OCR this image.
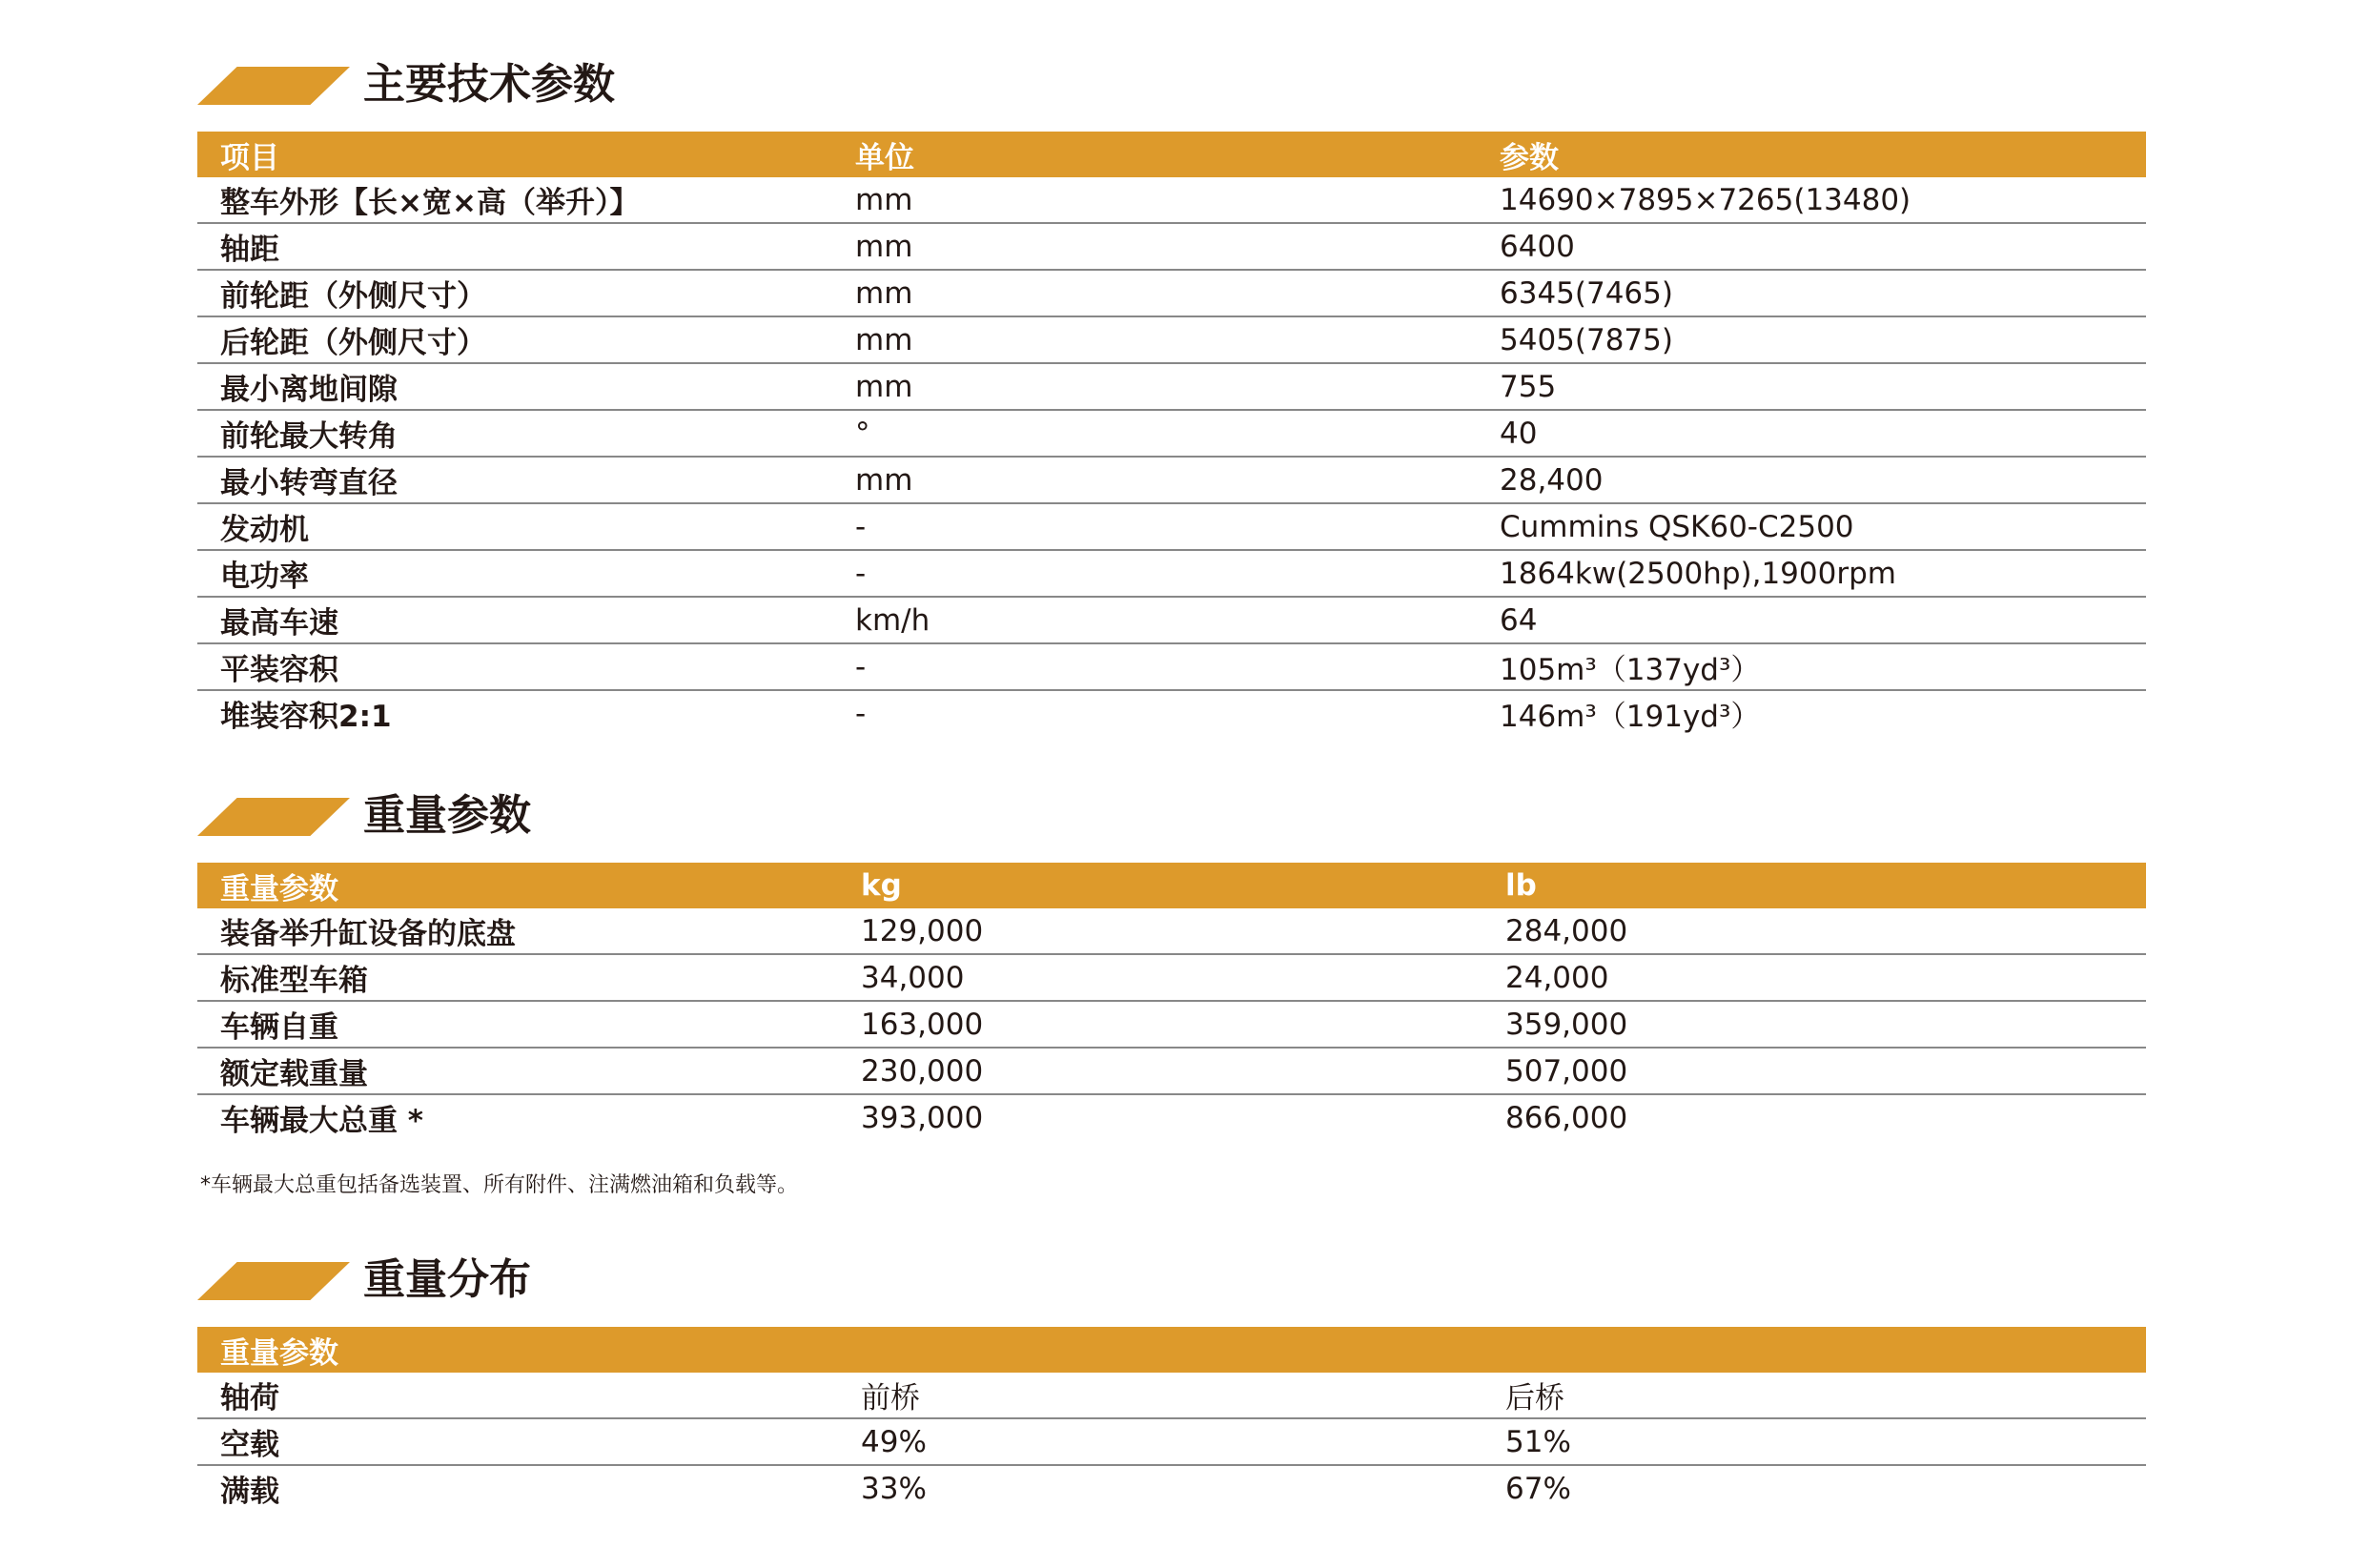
主要技术参数
项目	单位	参数
整车外形【长×宽×高（举升）】	mm	14690×7895×7265(13480)
轴距	mm	6400
前轮距（外侧尺寸）	mm	6345(7465)
后轮距（外侧尺寸）	mm	5405(7875)
最小离地间隙	mm	755
前轮最大转角	°	40
最小转弯直径	mm	28,400
发动机	-	Cummins QSK60-C2500
电功率	-	1864kw(2500hp),1900rpm
最高车速	km/h	64
平装容积	-	105m³（137yd³）
堆装容积2:1	-	146m³（191yd³）
重量参数
重量参数	kg	lb
装备举升缸设备的底盘	129,000	284,000
标准型车箱	34,000	24,000
车辆自重	163,000	359,000
额定载重量	230,000	507,000
车辆最大总重 *	393,000	866,000
*车辆最大总重包括备选装置、所有附件、注满燃油箱和负载等。
重量分布
重量参数		
轴荷	前桥	后桥
空载	49%	51%
满载	33%	67%
